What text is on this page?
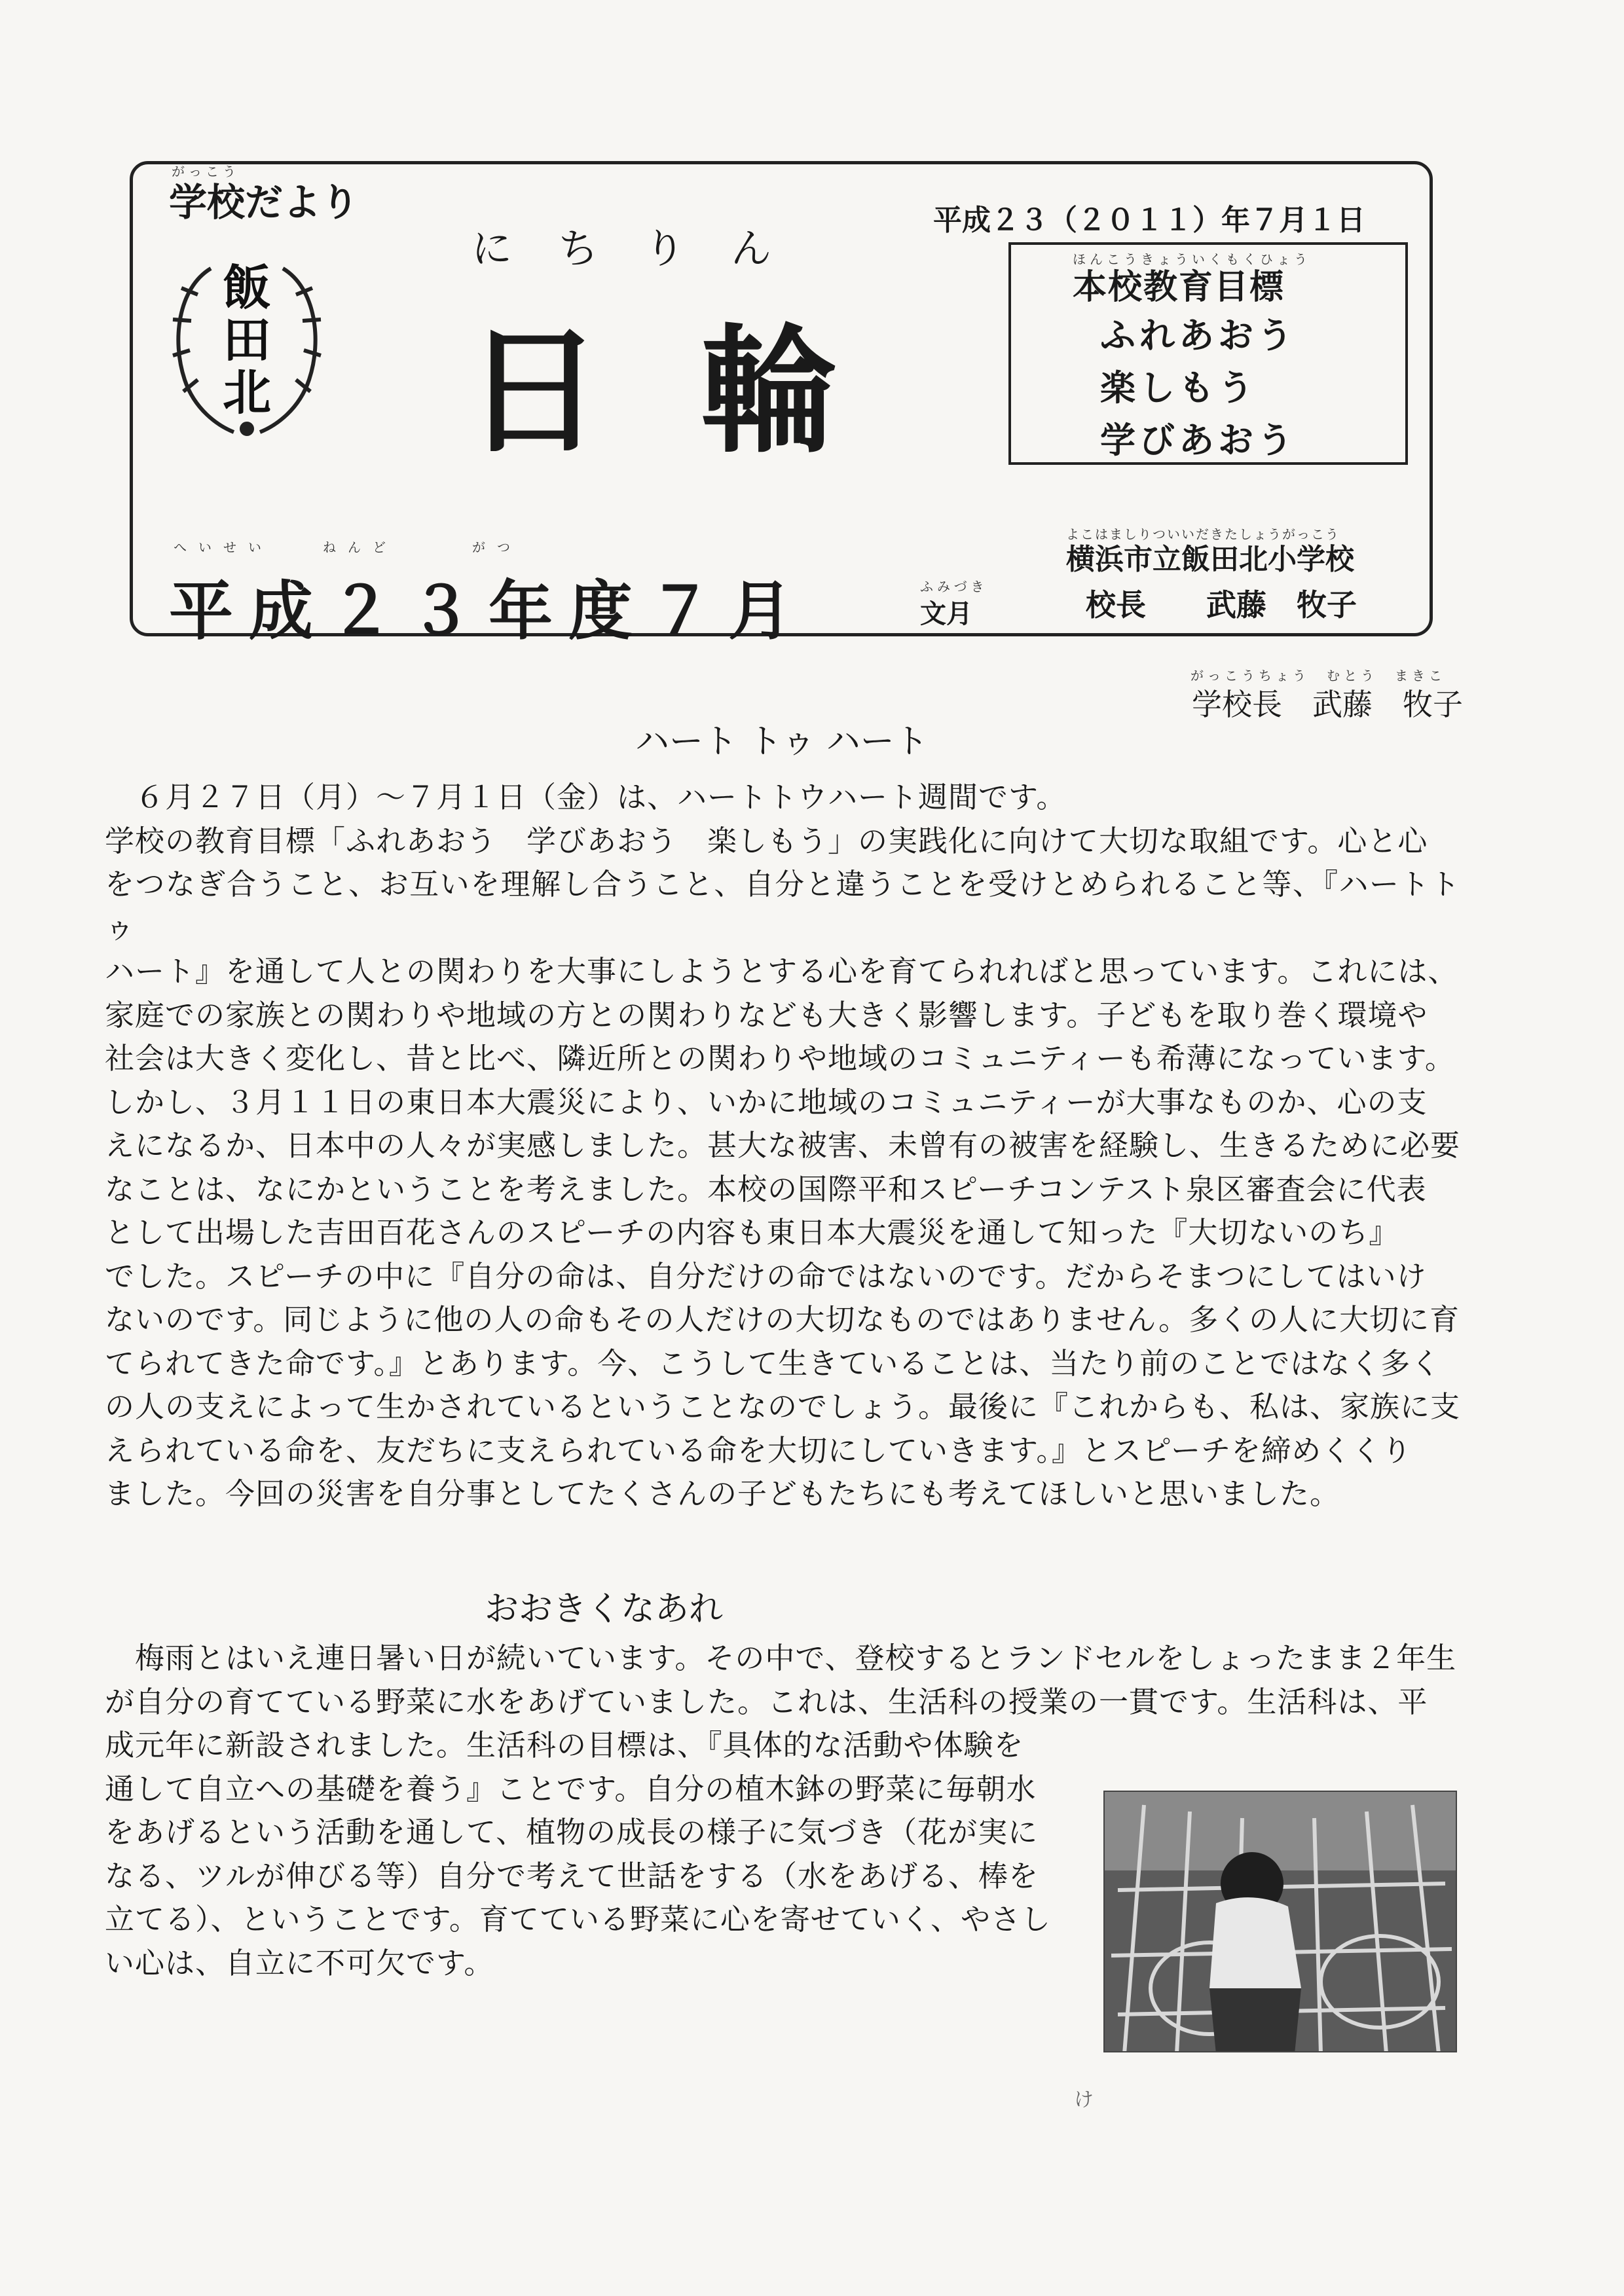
がっこう
学校だより
飯
田
北
にちりん
日輪
平成２３（２０１１）年７月１日
ほんこうきょういくもくひょう
本校教育目標
ふれあおう
楽しもう
学びあおう
へいせい　　ねんど　　　がつ
平成２３年度７月	ふみづき
文月
よこはましりついいだきたしょうがっこう
横浜市立飯田北小学校
校長　　武藤　牧子
がっこうちょう　むとう　まきこ
学校長　武藤　牧子
ハート トゥ ハート
　６月２７日（月）～７月１日（金）は、ハートトウハート週間です。
学校の教育目標「ふれあおう　学びあおう　楽しもう」の実践化に向けて大切な取組です。心と心
をつなぎ合うこと、お互いを理解し合うこと、自分と違うことを受けとめられること等、『ハートトゥ
ハート』を通して人との関わりを大事にしようとする心を育てられればと思っています。これには、
家庭での家族との関わりや地域の方との関わりなども大きく影響します。子どもを取り巻く環境や
社会は大きく変化し、昔と比べ、隣近所との関わりや地域のコミュニティーも希薄になっています。
しかし、３月１１日の東日本大震災により、いかに地域のコミュニティーが大事なものか、心の支
えになるか、日本中の人々が実感しました。甚大な被害、未曾有の被害を経験し、生きるために必要
なことは、なにかということを考えました。本校の国際平和スピーチコンテスト泉区審査会に代表
として出場した吉田百花さんのスピーチの内容も東日本大震災を通して知った『大切ないのち』
でした。スピーチの中に『自分の命は、自分だけの命ではないのです。だからそまつにしてはいけ
ないのです。同じように他の人の命もその人だけの大切なものではありません。多くの人に大切に育
てられてきた命です。』とあります。今、こうして生きていることは、当たり前のことではなく多く
の人の支えによって生かされているということなのでしょう。最後に『これからも、私は、家族に支
えられている命を、友だちに支えられている命を大切にしていきます。』とスピーチを締めくくり
ました。今回の災害を自分事としてたくさんの子どもたちにも考えてほしいと思いました。
おおきくなあれ
　梅雨とはいえ連日暑い日が続いています。その中で、登校するとランドセルをしょったまま２年生
が自分の育てている野菜に水をあげていました。これは、生活科の授業の一貫です。生活科は、平
成元年に新設されました。生活科の目標は、『具体的な活動や体験を
通して自立への基礎を養う』ことです。自分の植木鉢の野菜に毎朝水
をあげるという活動を通して、植物の成長の様子に気づき（花が実に
なる、ツルが伸びる等）自分で考えて世話をする（水をあげる、棒を
立てる）、ということです。育てている野菜に心を寄せていく、やさし
い心は、自立に不可欠です。
け
